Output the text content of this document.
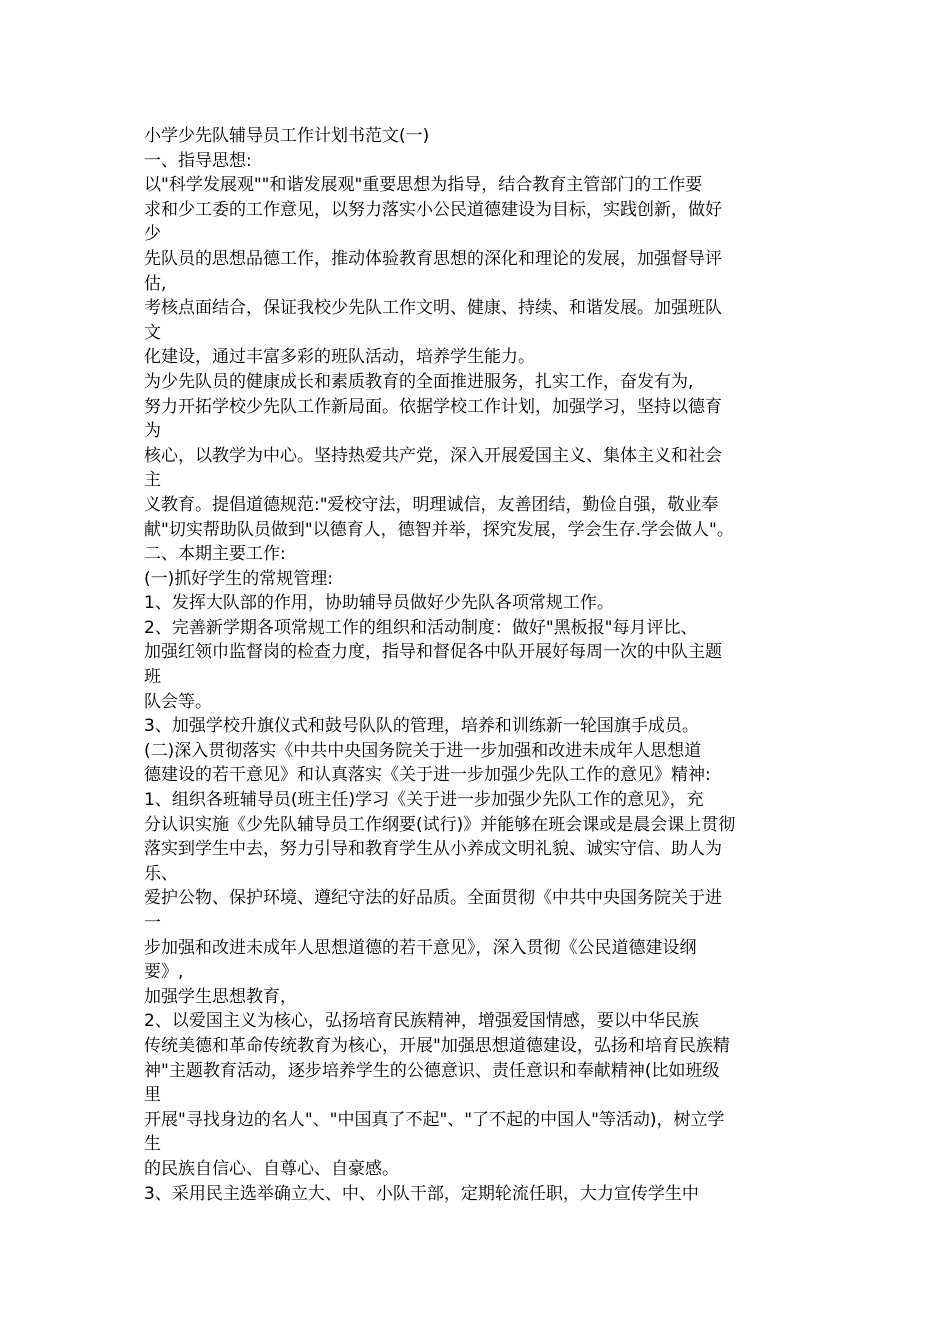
小学少先队辅导员工作计划书范文(一)
一、指导思想:
以"科学发展观""和谐发展观"重要思想为指导，结合教育主管部门的工作要
求和少工委的工作意见，以努力落实小公民道德建设为目标，实践创新，做好
少
先队员的思想品德工作，推动体验教育思想的深化和理论的发展，加强督导评
估,
考核点面结合，保证我校少先队工作文明、健康、持续、和谐发展。加强班队
文
化建设，通过丰富多彩的班队活动，培养学生能力。
为少先队员的健康成长和素质教育的全面推进服务，扎实工作，奋发有为,
努力开拓学校少先队工作新局面。依据学校工作计划，加强学习，坚持以德育
为
核心，以教学为中心。坚持热爱共产党，深入开展爱国主义、集体主义和社会
主
义教育。提倡道德规范:"爱校守法，明理诚信，友善团结，勤俭自强，敬业奉
献"切实帮助队员做到"以德育人，德智并举，探究发展，学会生存.学会做人"。
二、本期主要工作:
(一)抓好学生的常规管理:
1、发挥大队部的作用，协助辅导员做好少先队各项常规工作。
2、完善新学期各项常规工作的组织和活动制度：做好"黑板报"每月评比、
加强红领巾监督岗的检查力度，指导和督促各中队开展好每周一次的中队主题
班
队会等。
3、加强学校升旗仪式和鼓号队队的管理，培养和训练新一轮国旗手成员。
(二)深入贯彻落实《中共中央国务院关于进一步加强和改进未成年人思想道
德建设的若干意见》和认真落实《关于进一步加强少先队工作的意见》精神:
1、组织各班辅导员(班主任)学习《关于进一步加强少先队工作的意见》，充
分认识实施《少先队辅导员工作纲要(试行)》并能够在班会课或是晨会课上贯彻
落实到学生中去，努力引导和教育学生从小养成文明礼貌、诚实守信、助人为
乐、
爱护公物、保护环境、遵纪守法的好品质。全面贯彻《中共中央国务院关于进
一
步加强和改进未成年人思想道德的若干意见》，深入贯彻《公民道德建设纲
要》,
加强学生思想教育，
2、以爱国主义为核心，弘扬培育民族精神，增强爱国情感，要以中华民族
传统美德和革命传统教育为核心，开展"加强思想道德建设，弘扬和培育民族精
神"主题教育活动，逐步培养学生的公德意识、责任意识和奉献精神(比如班级
里
开展"寻找身边的名人"、"中国真了不起"、"了不起的中国人"等活动)，树立学
生
的民族自信心、自尊心、自豪感。
3、采用民主选举确立大、中、小队干部，定期轮流任职，大力宣传学生中
